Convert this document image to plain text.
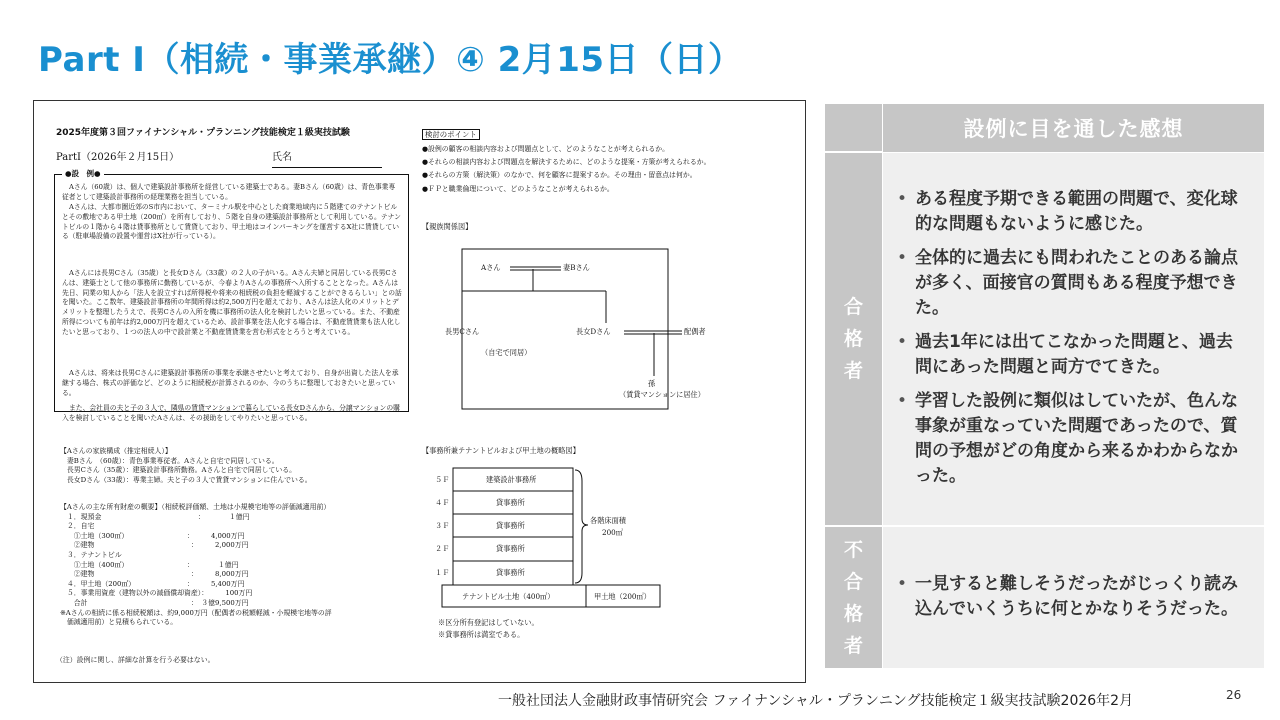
Part Ⅰ（相続・事業承継）④ 2月15日（日）
2025年度第３回ファイナンシャル・プランニング技能検定１級実技試験
PartⅠ（2026年２月15日）	氏名
●設　例●
Aさん（60歳）は、個人で建築設計事務所を経営している建築士である。妻Bさん（60歳）は、青色事業専従者として建築設計事務所の経理業務を担当している。
Aさんは、大都市圏近郊のS市内において、ターミナル駅を中心とした商業地域内に５階建てのテナントビルとその敷地である甲土地（200㎡）を所有しており、５階を自身の建築設計事務所として利用している。テナントビルの１階から４階は貸事務所として賃貸しており、甲土地はコインパーキングを運営するX社に賃貸している（駐車場設備の設置や運営はX社が行っている）。
Aさんには長男Cさん（35歳）と長女Dさん（33歳）の２人の子がいる。Aさん夫婦と同居している長男Cさんは、建築士として他の事務所に勤務しているが、今春よりAさんの事務所へ入所することとなった。Aさんは先日、同業の知人から「法人を設立すれば所得税や将来の相続税の負担を軽減することができるらしい」との話を聞いた。ここ数年、建築設計事務所の年間所得は約2,500万円を超えており、Aさんは法人化のメリットとデメリットを整理したうえで、長男Cさんの入所を機に事務所の法人化を検討したいと思っている。また、不動産所得についても前年は約2,000万円を超えているため、設計事業を法人化する場合は、不動産賃貸業も法人化したいと思っており、１つの法人の中で設計業と不動産賃貸業を営む形式をとろうと考えている。
Aさんは、将来は長男Cさんに建築設計事務所の事業を承継させたいと考えており、自身が出資した法人を承継する場合、株式の評価など、どのように相続税が計算されるのか、今のうちに整理しておきたいと思っている。
また、会社員の夫と子の３人で、隣県の賃貸マンションで暮らしている長女Dさんから、分譲マンションの購入を検討していることを聞いたAさんは、その援助をしてやりたいと思っている。
【Aさんの家族構成（推定相続人）】
　妻Bさん　（60歳）：青色事業専従者。Aさんと自宅で同居している。
　長男Cさん（35歳）：建築設計事務所勤務。Aさんと自宅で同居している。
　長女Dさん（33歳）：専業主婦。夫と子の３人で賃貸マンションに住んでいる。
【Aさんの主な所有財産の概要】（相続税評価額、土地は小規模宅地等の評価減適用前）
　１．現預金　　　　　　　　　　　　　　：　　　　１億円
　２．自宅
　　①土地（300㎡）　　　　　　　　　：　　　4,000万円
　　②建物　　　　　　　　　　　　　　：　　　2,000万円
　３．テナントビル
　　①土地（400㎡）　　　　　　　　　：　　　　１億円
　　②建物　　　　　　　　　　　　　　：　　　8,000万円
　４．甲土地（200㎡）　　　　　　　　：　　　5,400万円
　５．事業用資産（建物以外の減価償却資産）：　　　100万円
　　合計　　　　　　　　　　　　　　　：　３億9,500万円
※Aさんの相続に係る相続税額は、約9,000万円（配偶者の税額軽減・小規模宅地等の評
　価減適用前）と見積もられている。
（注）設例に関し、詳細な計算を行う必要はない。
検討のポイント
●設例の顧客の相談内容および問題点として、どのようなことが考えられるか。
●それらの相談内容および問題点を解決するために、どのような提案・方策が考えられるか。
●それらの方策（解決策）のなかで、何を顧客に提案するか。その理由・留意点は何か。
●ＦＰと職業倫理について、どのようなことが考えられるか。
【親族関係図】
Aさん	妻Bさん
長男Cさん
（自宅で同居）
長女Dさん	配偶者
孫
（賃貸マンションに居住）
【事務所兼テナントビルおよび甲土地の概略図】
５Ｆ	建築設計事務所
４Ｆ	貸事務所
３Ｆ	貸事務所
２Ｆ	貸事務所
１Ｆ	貸事務所
各階床面積
200㎡
テナントビル土地（400㎡）	甲土地（200㎡）
※区分所有登記はしていない。
※貸事務所は満室である。
設例に目を通した感想
合
格
者
• ある程度予期できる範囲の問題で、変化球的な問題もないように感じた。
• 全体的に過去にも問われたことのある論点が多く、面接官の質問もある程度予想できた。
• 過去1年には出てこなかった問題と、過去問にあった問題と両方でてきた。
• 学習した設例に類似はしていたが、色んな事象が重なっていた問題であったので、質問の予想がどの角度から来るかわからなかった。
不
合
格
者
• 一見すると難しそうだったがじっくり読み込んでいくうちに何とかなりそうだった。
一般社団法人金融財政事情研究会 ファイナンシャル・プランニング技能検定１級実技試験2026年2月	26
